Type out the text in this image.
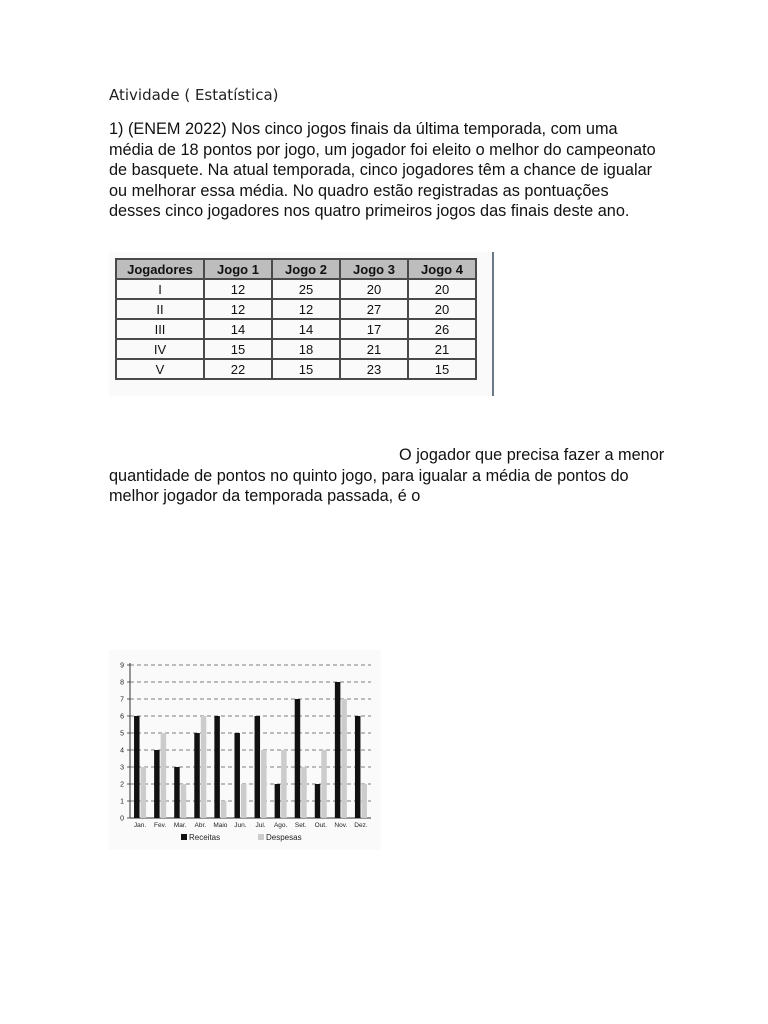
Atividade ( Estatística)
1) (ENEM 2022) Nos cinco jogos finais da última temporada, com uma média de 18 pontos por jogo, um jogador foi eleito o melhor do campeonato de basquete. Na atual temporada, cinco jogadores têm a chance de igualar ou melhorar essa média. No quadro estão registradas as pontuações desses cinco jogadores nos quatro primeiros jogos das finais deste ano.
Jogadores	Jogo 1	Jogo 2	Jogo 3	Jogo 4
I	12	25	20	20
II	12	12	27	20
III	14	14	17	26
IV	15	18	21	21
V	22	15	23	15
O jogador que precisa fazer a menor quantidade de pontos no quinto jogo, para igualar a média de pontos do melhor jogador da temporada passada, é o
0
1
2
3
4
5
6
7
8
9
Jan. Fev. Mar. Abr. Maio Jun. Jul. Ago. Set. Out. Nov. Dez.
Receitas	Despesas
